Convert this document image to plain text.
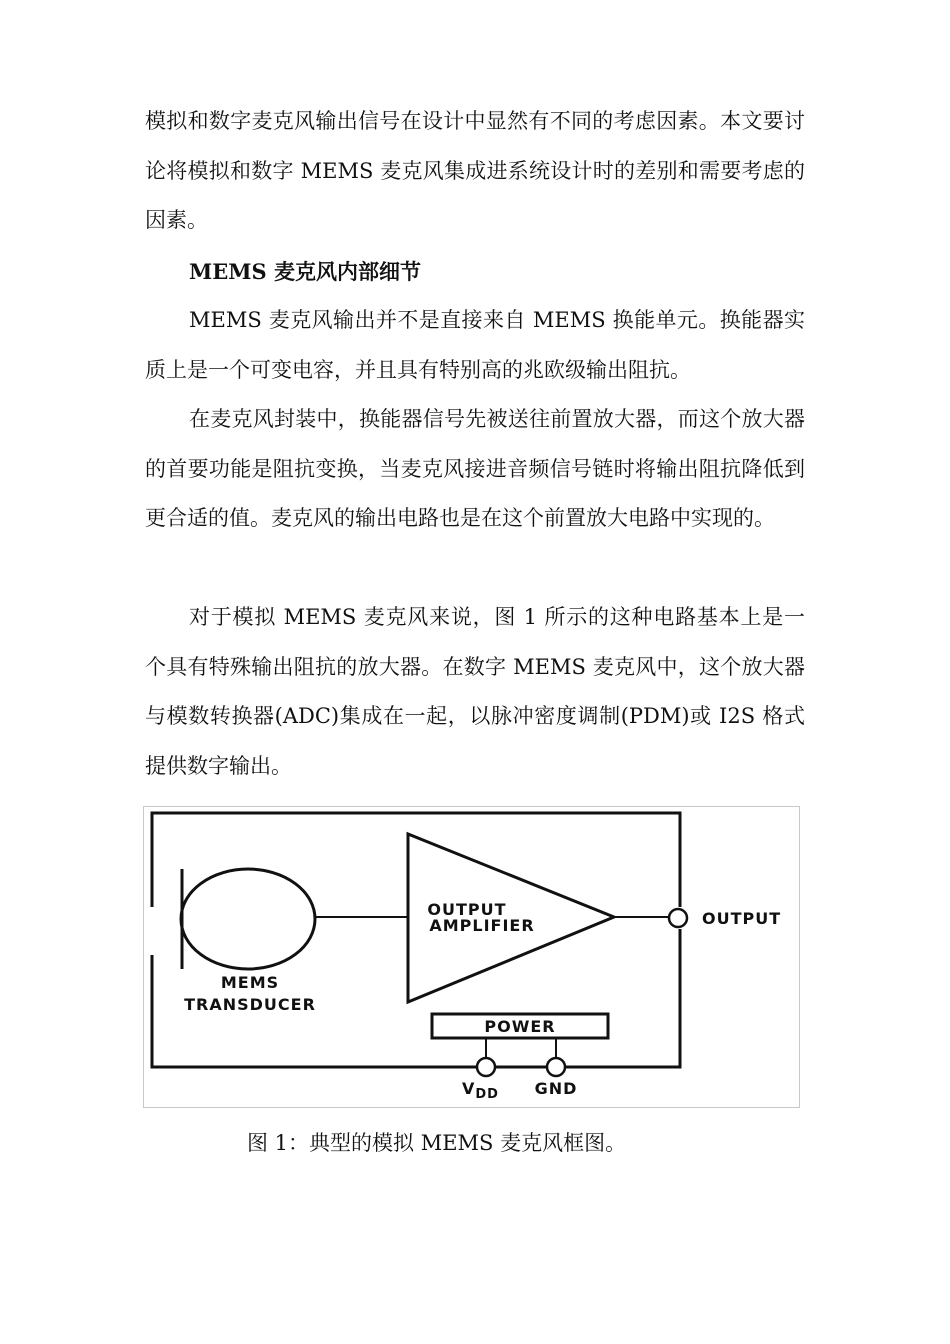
模拟和数字麦克风输出信号在设计中显然有不同的考虑因素。本文要讨论将模拟和数字 MEMS 麦克风集成进系统设计时的差别和需要考虑的因素。

MEMS 麦克风内部细节

MEMS 麦克风输出并不是直接来自 MEMS 换能单元。换能器实质上是一个可变电容，并且具有特别高的兆欧级输出阻抗。

在麦克风封装中，换能器信号先被送往前置放大器，而这个放大器的首要功能是阻抗变换，当麦克风接进音频信号链时将输出阻抗降低到更合适的值。麦克风的输出电路也是在这个前置放大电路中实现的。

对于模拟 MEMS 麦克风来说，图 1 所示的这种电路基本上是一个具有特殊输出阻抗的放大器。在数字 MEMS 麦克风中，这个放大器与模数转换器(ADC)集成在一起，以脉冲密度调制(PDM)或 I2S 格式提供数字输出。

MEMS
TRANSDUCER
OUTPUT
AMPLIFIER	OUTPUT
POWER
$V_{DD}$ GND

图 1：典型的模拟 MEMS 麦克风框图。
